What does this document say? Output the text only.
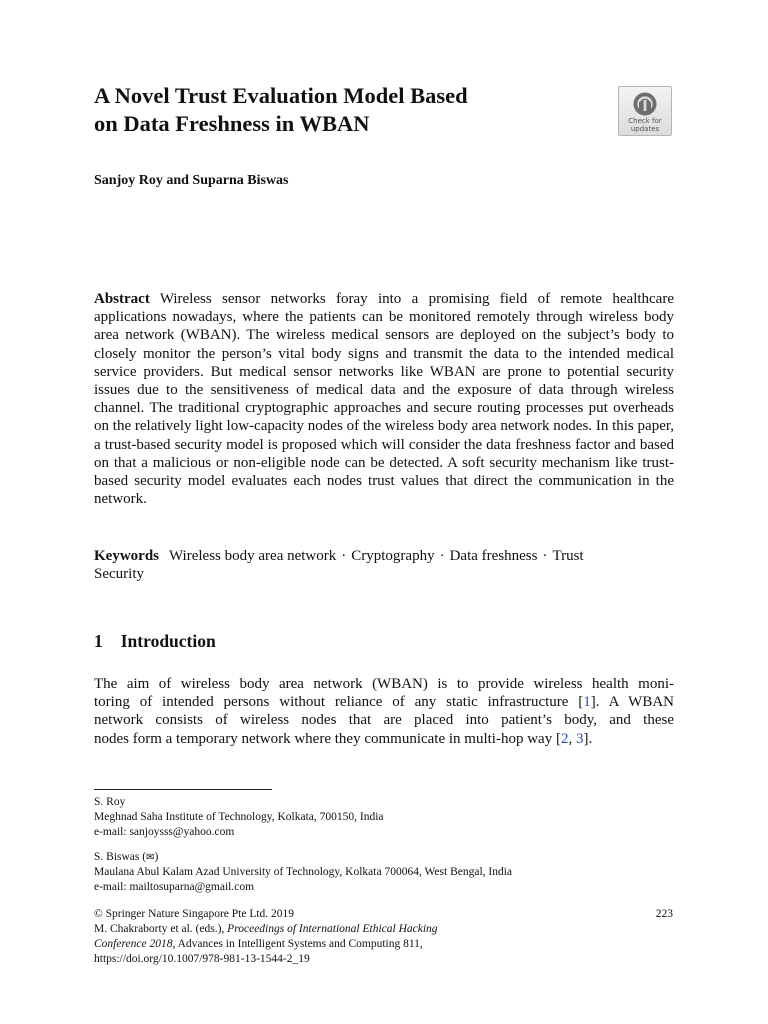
A Novel Trust Evaluation Model Based
on Data Freshness in WBAN	Check for
updates

Sanjoy Roy and Suparna Biswas

Abstract Wireless sensor networks foray into a promising field of remote healthcare applications nowadays, where the patients can be monitored remotely through wireless body area network (WBAN). The wireless medical sensors are deployed on the subject’s body to closely monitor the person’s vital body signs and transmit the data to the intended medical service providers. But medical sensor networks like WBAN are prone to potential security issues due to the sensitiveness of medical data and the exposure of data through wireless channel. The traditional cryptographic approaches and secure routing processes put overheads on the relatively light low-capacity nodes of the wireless body area network nodes. In this paper, a trust-based security model is proposed which will consider the data freshness factor and based on that a malicious or non-eligible node can be detected. A soft security mechanism like trust-based security model evaluates each nodes trust values that direct the communication in the network.

Keywords Wireless body area network · Cryptography · Data freshness · Trust
Security

1 Introduction

The aim of wireless body area network (WBAN) is to provide wireless health moni-
toring of intended persons without reliance of any static infrastructure [1]. A WBAN
network consists of wireless nodes that are placed into patient’s body, and these
nodes form a temporary network where they communicate in multi-hop way [2, 3].

S. Roy
Meghnad Saha Institute of Technology, Kolkata, 700150, India
e-mail: sanjoysss@yahoo.com

S. Biswas (✉)
Maulana Abul Kalam Azad University of Technology, Kolkata 700064, West Bengal, India
e-mail: mailtosuparna@gmail.com

© Springer Nature Singapore Pte Ltd. 2019
M. Chakraborty et al. (eds.), Proceedings of International Ethical Hacking
Conference 2018, Advances in Intelligent Systems and Computing 811,
https://doi.org/10.1007/978-981-13-1544-2_19

223
